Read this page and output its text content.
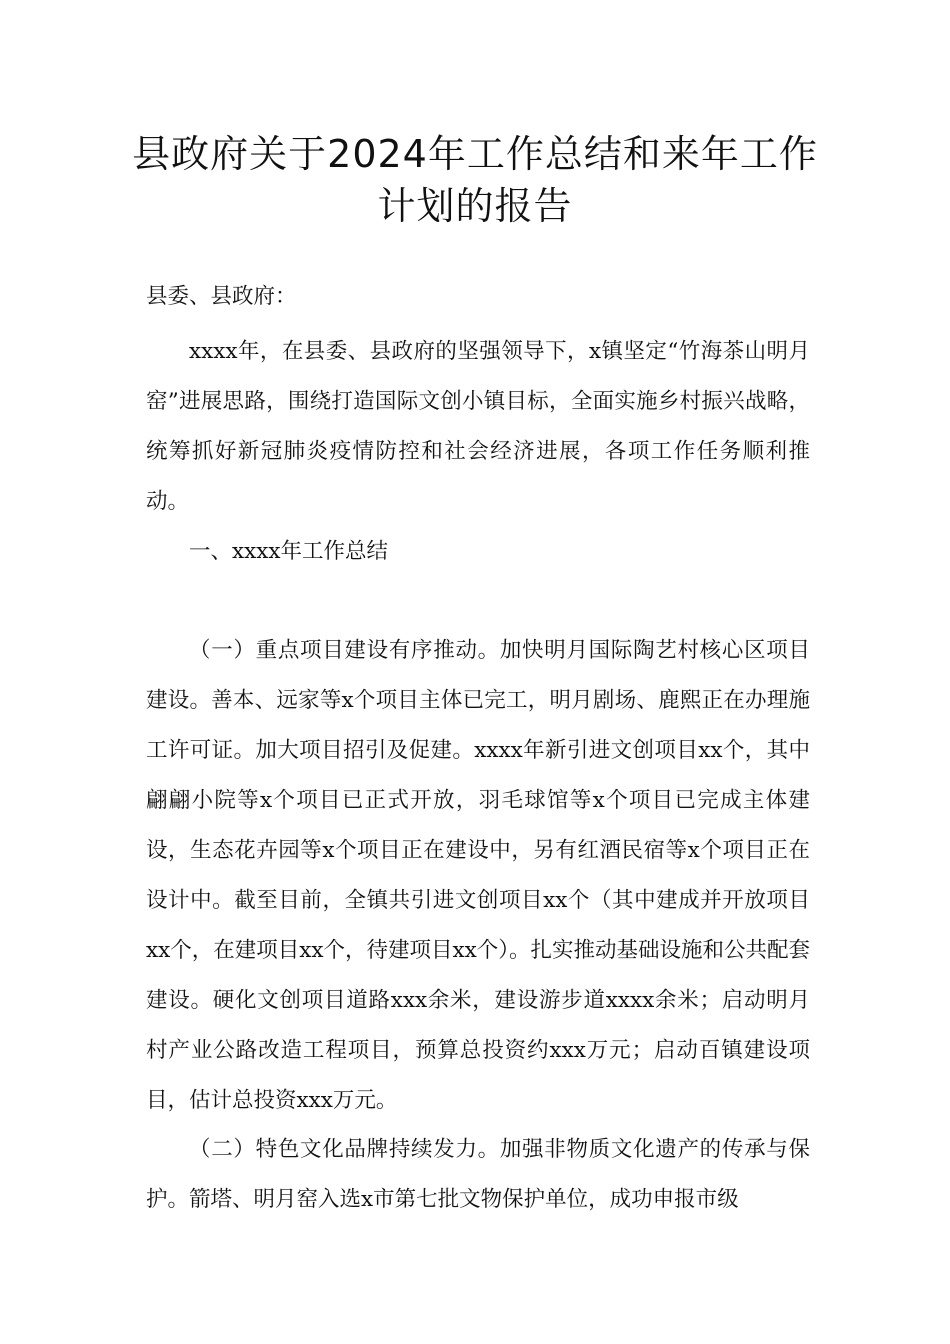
县政府关于2024年工作总结和来年工作计划的报告

县委、县政府：

xxxx年，在县委、县政府的坚强领导下，x镇坚定“竹海茶山明月窑”进展思路，围绕打造国际文创小镇目标，全面实施乡村振兴战略，统筹抓好新冠肺炎疫情防控和社会经济进展，各项工作任务顺利推动。

一、xxxx年工作总结

（一）重点项目建设有序推动。加快明月国际陶艺村核心区项目建设。善本、远家等x个项目主体已完工，明月剧场、鹿熙正在办理施工许可证。加大项目招引及促建。xxxx年新引进文创项目xx个，其中翩翩小院等x个项目已正式开放，羽毛球馆等x个项目已完成主体建设，生态花卉园等x个项目正在建设中，另有红酒民宿等x个项目正在设计中。截至目前，全镇共引进文创项目xx个（其中建成并开放项目xx个，在建项目xx个，待建项目xx个）。扎实推动基础设施和公共配套建设。硬化文创项目道路xxx余米，建设游步道xxxx余米；启动明月村产业公路改造工程项目，预算总投资约xxx万元；启动百镇建设项目，估计总投资xxx万元。

（二）特色文化品牌持续发力。加强非物质文化遗产的传承与保护。箭塔、明月窑入选x市第七批文物保护单位，成功申报市级
